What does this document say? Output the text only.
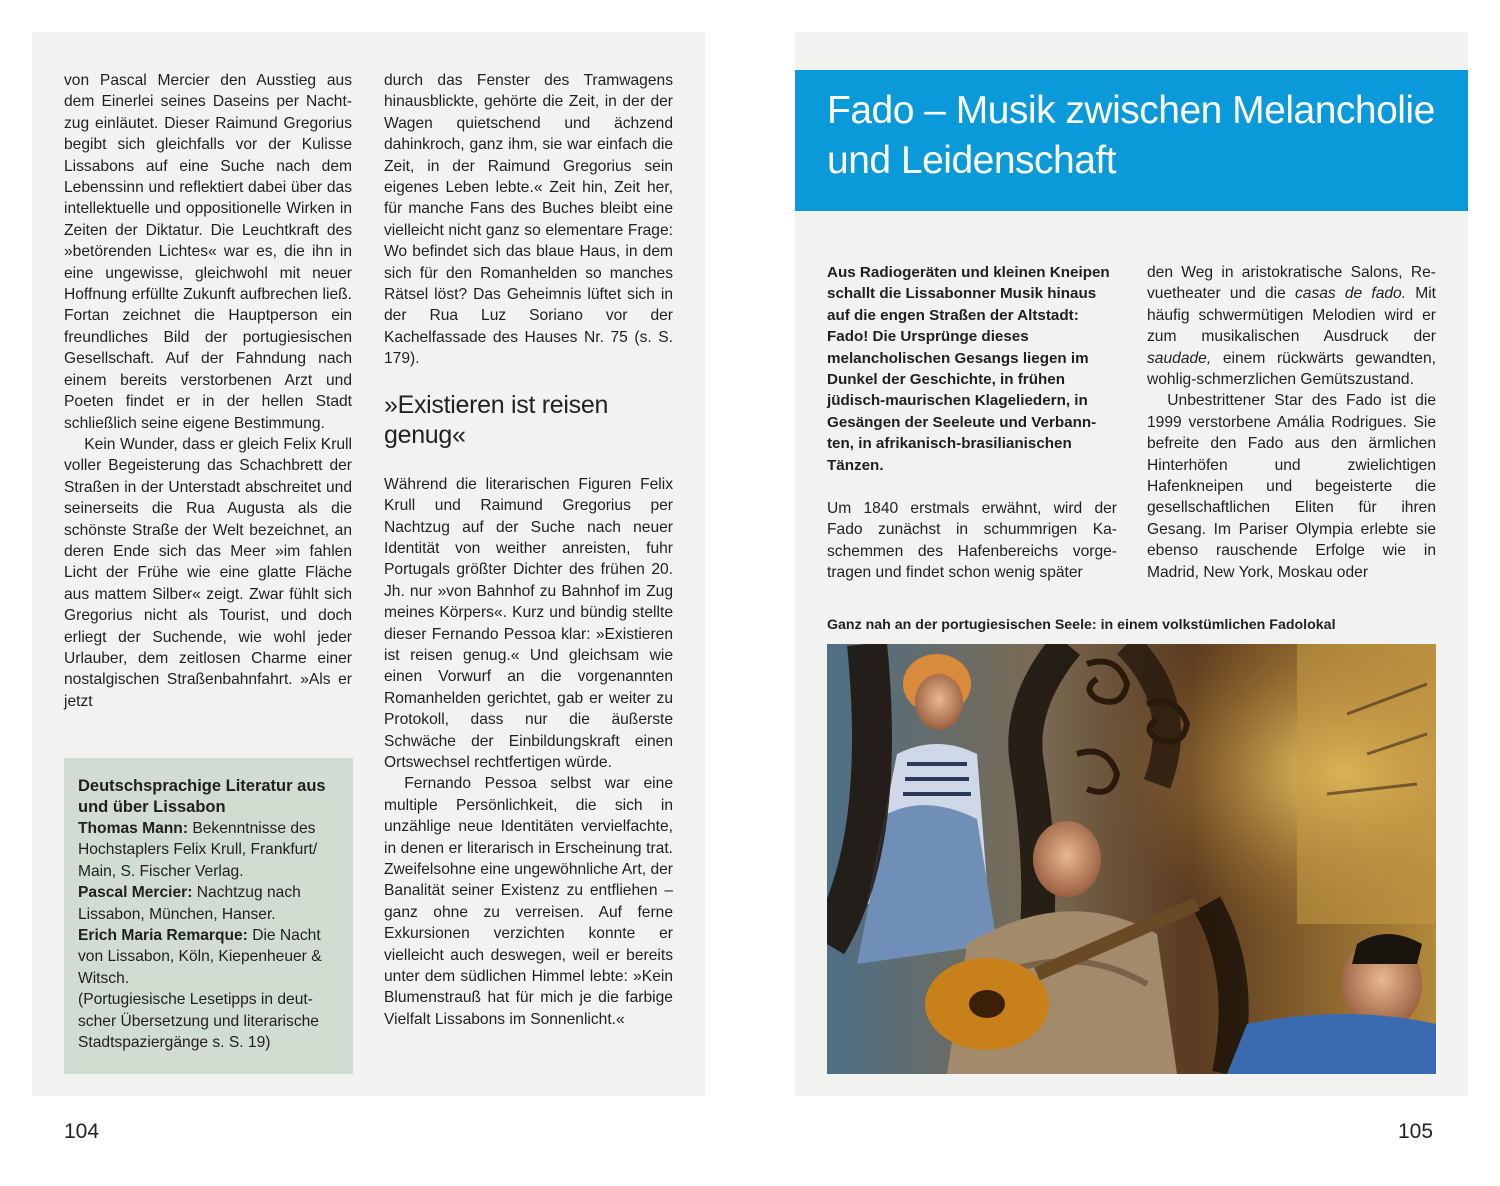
von Pascal Mercier den Ausstieg aus dem Einerlei seines Daseins per Nachtzug einläutet. Dieser Raimund Gregorius begibt sich gleichfalls vor der Kulisse Lissabons auf eine Suche nach dem Lebenssinn und reflektiert dabei über das intellektuelle und oppositionelle Wirken in Zeiten der Diktatur. Die Leuchtkraft des »betörenden Lichtes« war es, die ihn in eine ungewisse, gleichwohl mit neuer Hoffnung erfüllte Zukunft aufbrechen ließ. Fortan zeichnet die Hauptperson ein freundliches Bild der portugiesischen Gesellschaft. Auf der Fahndung nach einem bereits verstorbenen Arzt und Poeten findet er in der hellen Stadt schließlich seine eigene Bestimmung.

Kein Wunder, dass er gleich Felix Krull voller Begeisterung das Schachbrett der Straßen in der Unterstadt abschreitet und seinerseits die Rua Augusta als die schönste Straße der Welt bezeichnet, an deren Ende sich das Meer »im fahlen Licht der Frühe wie eine glatte Fläche aus mattem Silber« zeigt. Zwar fühlt sich Gregorius nicht als Tourist, und doch erliegt der Suchende, wie wohl jeder Urlauber, dem zeitlosen Charme einer nostalgischen Straßenbahnfahrt. »Als er jetzt

Deutschsprachige Literatur aus und über Lissabon
Thomas Mann: Bekenntnisse des Hochstaplers Felix Krull, Frankfurt/ Main, S. Fischer Verlag.
Pascal Mercier: Nachtzug nach Lissabon, München, Hanser.
Erich Maria Remarque: Die Nacht von Lissabon, Köln, Kiepenheuer & Witsch.
(Portugiesische Lesetipps in deutscher Übersetzung und literarische Stadtspaziergänge s. S. 19)

durch das Fenster des Tramwagens hinausblickte, gehörte die Zeit, in der der Wagen quietschend und ächzend dahinkroch, ganz ihm, sie war einfach die Zeit, in der Raimund Gregorius sein eigenes Leben lebte.« Zeit hin, Zeit her, für manche Fans des Buches bleibt eine vielleicht nicht ganz so elementare Frage: Wo befindet sich das blaue Haus, in dem sich für den Romanhelden so manches Rätsel löst? Das Geheimnis lüftet sich in der Rua Luz Soriano vor der Kachelfassade des Hauses Nr. 75 (s. S. 179).

»Existieren ist reisen genug«

Während die literarischen Figuren Felix Krull und Raimund Gregorius per Nachtzug auf der Suche nach neuer Identität von weither anreisten, fuhr Portugals größter Dichter des frühen 20. Jh. nur »von Bahnhof zu Bahnhof im Zug meines Körpers«. Kurz und bündig stellte dieser Fernando Pessoa klar: »Existieren ist reisen genug.« Und gleichsam wie einen Vorwurf an die vorgenannten Romanhelden gerichtet, gab er weiter zu Protokoll, dass nur die äußerste Schwäche der Einbildungskraft einen Ortswechsel rechtfertigen würde.

Fernando Pessoa selbst war eine multiple Persönlichkeit, die sich in unzählige neue Identitäten vervielfachte, in denen er literarisch in Erscheinung trat. Zweifelsohne eine ungewöhnliche Art, der Banalität seiner Existenz zu entfliehen – ganz ohne zu verreisen. Auf ferne Exkursionen verzichten konnte er vielleicht auch deswegen, weil er bereits unter dem südlichen Himmel lebte: »Kein Blumenstrauß hat für mich je die farbige Vielfalt Lissabons im Sonnenlicht.«

Fado – Musik zwischen Melancholie und Leidenschaft

Aus Radiogeräten und kleinen Kneipen schallt die Lissabonner Musik hinaus auf die engen Straßen der Altstadt: Fado! Die Ursprünge dieses melancholischen Gesangs liegen im Dunkel der Geschichte, in frühen jüdisch-maurischen Klageliedern, in Gesängen der Seeleute und Verbannten, in afrikanisch-brasilianischen Tänzen.

Um 1840 erstmals erwähnt, wird der Fado zunächst in schummrigen Kaschemmen des Hafenbereichs vorgetragen und findet schon wenig später

den Weg in aristokratische Salons, Revuetheater und die casas de fado. Mit häufig schwermütigen Melodien wird er zum musikalischen Ausdruck der saudade, einem rückwärts gewandten, wohlig-schmerzlichen Gemütszustand.

Unbestrittener Star des Fado ist die 1999 verstorbene Amália Rodrigues. Sie befreite den Fado aus den ärmlichen Hinterhöfen und zwielichtigen Hafenkneipen und begeisterte die gesellschaftlichen Eliten für ihren Gesang. Im Pariser Olympia erlebte sie ebenso rauschende Erfolge wie in Madrid, New York, Moskau oder

Ganz nah an der portugiesischen Seele: in einem volkstümlichen Fadolokal
104	105
